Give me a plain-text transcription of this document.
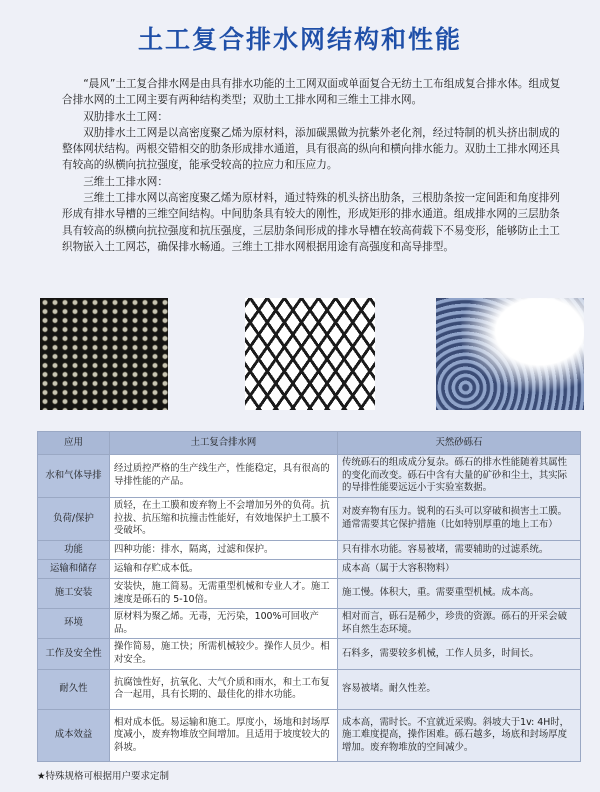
土工复合排水网结构和性能

“晨风”土工复合排水网是由具有排水功能的土工网双面或单面复合无纺土工布组成复合排水体。组成复合排水网的土工网主要有两种结构类型；双肋土工排水网和三维土工排水网。

双肋排水土工网：

双肋排水土工网是以高密度聚乙烯为原材料，添加碳黑做为抗紫外老化剂，经过特制的机头挤出制成的整体网状结构。两根交错相交的肋条形成排水通道，具有很高的纵向和横向排水能力。双肋土工排水网还具有较高的纵横向抗拉强度，能承受较高的拉应力和压应力。

三维土工排水网：

三维土工排水网以高密度聚乙烯为原材料，通过特殊的机头挤出肋条，三根肋条按一定间距和角度排列形成有排水导槽的三维空间结构。中间肋条具有较大的刚性，形成矩形的排水通道。组成排水网的三层肋条具有较高的纵横向抗拉强度和抗压强度，三层肋条间形成的排水导槽在较高荷载下不易变形，能够防止土工织物嵌入土工网芯，确保排水畅通。三维土工排水网根据用途有高强度和高导排型。

应用	土工复合排水网	天然砂砾石
水和气体导排	经过质控严格的生产线生产，性能稳定，具有很高的导排性能的产品。	传统砾石的组成成分复杂。砾石的排水性能随着其属性的变化而改变。砾石中含有大量的矿砂和尘土，其实际的导排性能要远远小于实验室数据。
负荷/保护	质轻，在土工膜和废弃物上不会增加另外的负荷。抗拉拔、抗压缩和抗撞击性能好，有效地保护土工膜不受破坏。	对废弃物有压力。锐利的石头可以穿破和损害土工膜。通常需要其它保护措施（比如特别厚重的地上工布）
功能	四种功能：排水，隔离，过滤和保护。	只有排水功能。容易被堵，需要辅助的过滤系统。
运输和储存	运输和存贮成本低。	成本高（属于大容积物料）
施工安装	安装快，施工简易。无需重型机械和专业人才。施工速度是砾石的 5-10倍。	施工慢。体积大，重。需要重型机械。成本高。
环境	原材料为聚乙烯。无毒，无污染，100%可回收产品。	相对而言，砾石是稀少，珍贵的资源。砾石的开采会破坏自然生态环境。
工作及安全性	操作简易，施工快；所需机械较少。操作人员少。相对安全。	石料多，需要较多机械，工作人员多，时间长。
耐久性	抗腐蚀性好，抗氧化、大气介质和雨水，和土工布复合一起用，具有长期的、最佳化的排水功能。	容易被堵。耐久性差。
成本效益	相对成本低。易运输和施工。厚度小，场地和封场厚度减小，废弃物堆放空间增加。且适用于坡度较大的斜坡。	成本高，需时长。不宜就近采购。斜坡大于1v: 4H时，施工难度提高，操作困难。砾石越多，场底和封场厚度增加。废弃物堆放的空间减少。
★特殊规格可根据用户要求定制
